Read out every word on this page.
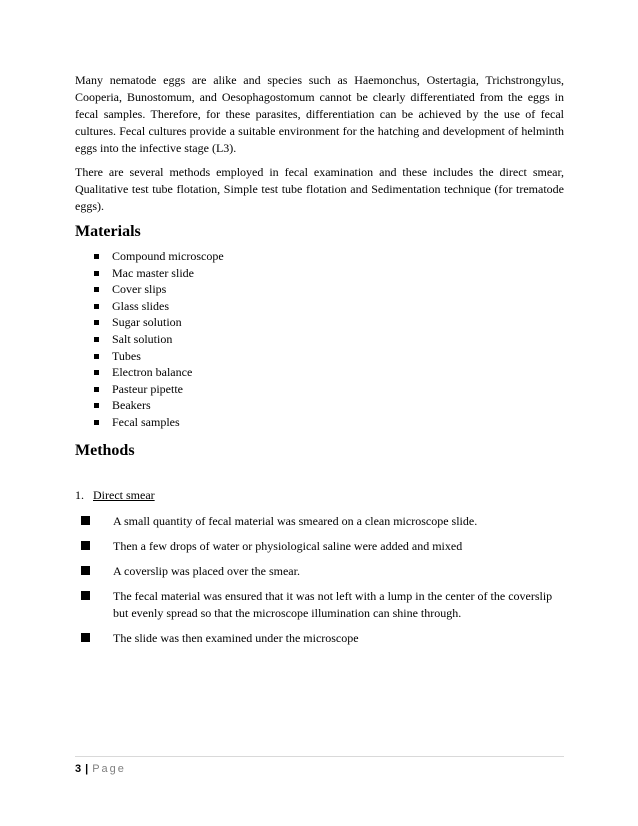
Many nematode eggs are alike and species such as Haemonchus, Ostertagia, Trichstrongylus, Cooperia, Bunostomum, and Oesophagostomum cannot be clearly differentiated from the eggs in fecal samples. Therefore, for these parasites, differentiation can be achieved by the use of fecal cultures. Fecal cultures provide a suitable environment for the hatching and development of helminth eggs into the infective stage (L3).

There are several methods employed in fecal examination and these includes the direct smear, Qualitative test tube flotation, Simple test tube flotation and Sedimentation technique (for trematode eggs).

Materials
Compound microscope
Mac master slide
Cover slips
Glass slides
Sugar solution
Salt solution
Tubes
Electron balance
Pasteur pipette
Beakers
Fecal samples
Methods
1. Direct smear
A small quantity of fecal material was smeared on a clean microscope slide.
Then a few drops of water or physiological saline were added and mixed
A coverslip was placed over the smear.
The fecal material was ensured that it was not left with a lump in the center of the coverslip but evenly spread so that the microscope illumination can shine through.
The slide was then examined under the microscope
3 | Page
